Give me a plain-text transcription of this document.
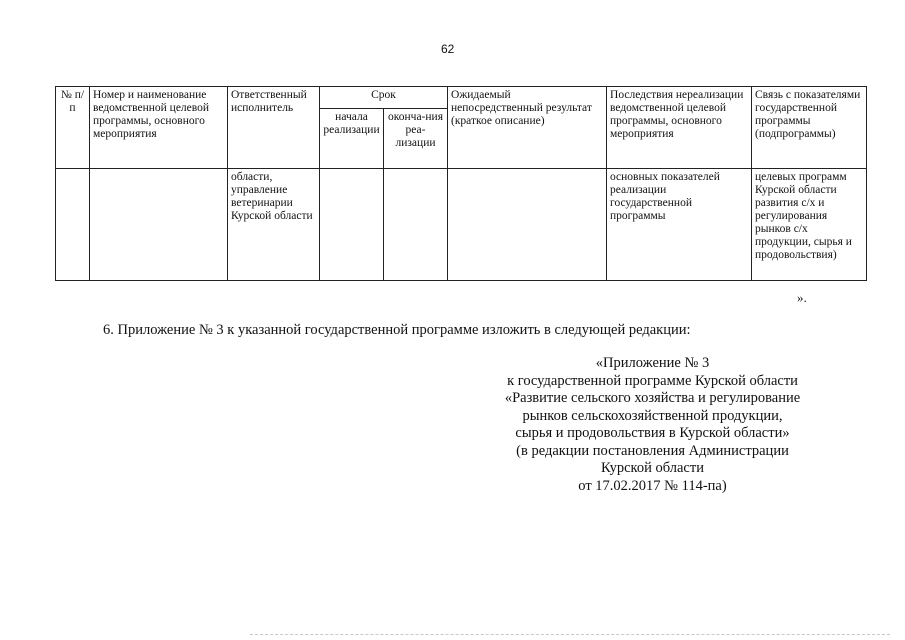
62
№ п/п	Номер и наименование ведомственной целевой программы, основного мероприятия	Ответственный исполнитель	Срок		Ожидаемый непосредственный результат (краткое описание)	Последствия нереализации ведомственной целевой программы, основного мероприятия	Связь с показателями государственной программы (подпрограммы)
			начала реализации	оконча-ния реа-лизации			
		области, управление ветеринарии Курской области				основных показателей реализации государственной программы	целевых программ Курской области развития с/х и регулирования рынков с/х продукции, сырья и продовольствия)
».
6. Приложение № 3 к указанной государственной программе изложить в следующей редакции:
«Приложение № 3
к государственной программе Курской области
«Развитие сельского хозяйства и регулирование
рынков сельскохозяйственной продукции,
сырья и продовольствия в Курской области»
(в редакции постановления Администрации
Курской области
от 17.02.2017 № 114-па)
